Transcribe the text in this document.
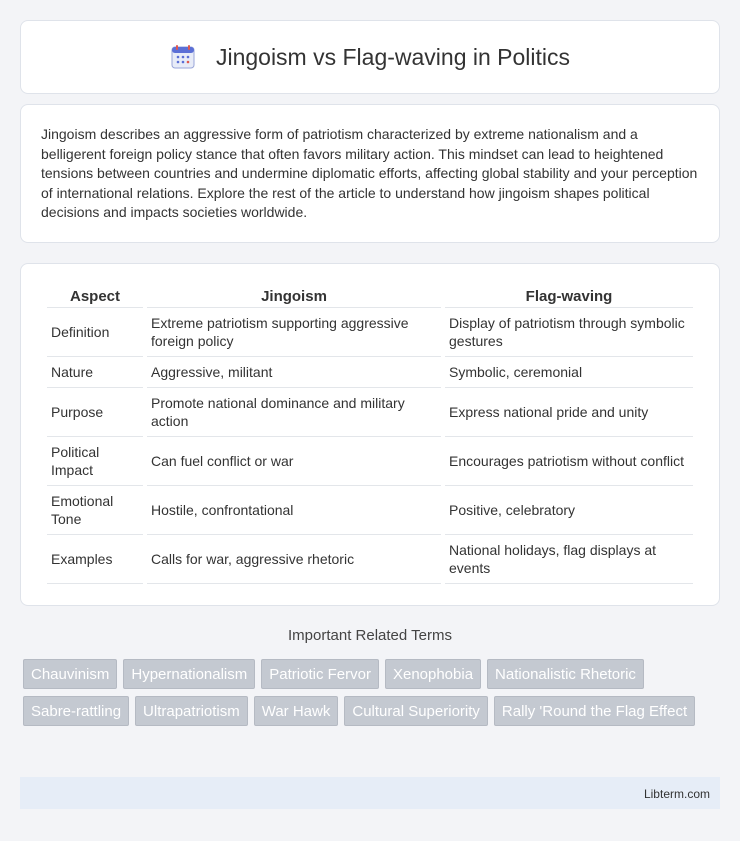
Jingoism vs Flag-waving in Politics

Jingoism describes an aggressive form of patriotism characterized by extreme nationalism and a belligerent foreign policy stance that often favors military action. This mindset can lead to heightened tensions between countries and undermine diplomatic efforts, affecting global stability and your perception of international relations. Explore the rest of the article to understand how jingoism shapes political decisions and impacts societies worldwide.

Aspect	Jingoism	Flag-waving
Definition	Extreme patriotism supporting aggressive foreign policy	Display of patriotism through symbolic gestures
Nature	Aggressive, militant	Symbolic, ceremonial
Purpose	Promote national dominance and military action	Express national pride and unity
Political Impact	Can fuel conflict or war	Encourages patriotism without conflict
Emotional Tone	Hostile, confrontational	Positive, celebratory
Examples	Calls for war, aggressive rhetoric	National holidays, flag displays at events
Important Related Terms
Chauvinism	Hypernationalism	Patriotic Fervor	Xenophobia	Nationalistic Rhetoric
Sabre-rattling	Ultrapatriotism	War Hawk	Cultural Superiority	Rally 'Round the Flag Effect
Libterm.com
